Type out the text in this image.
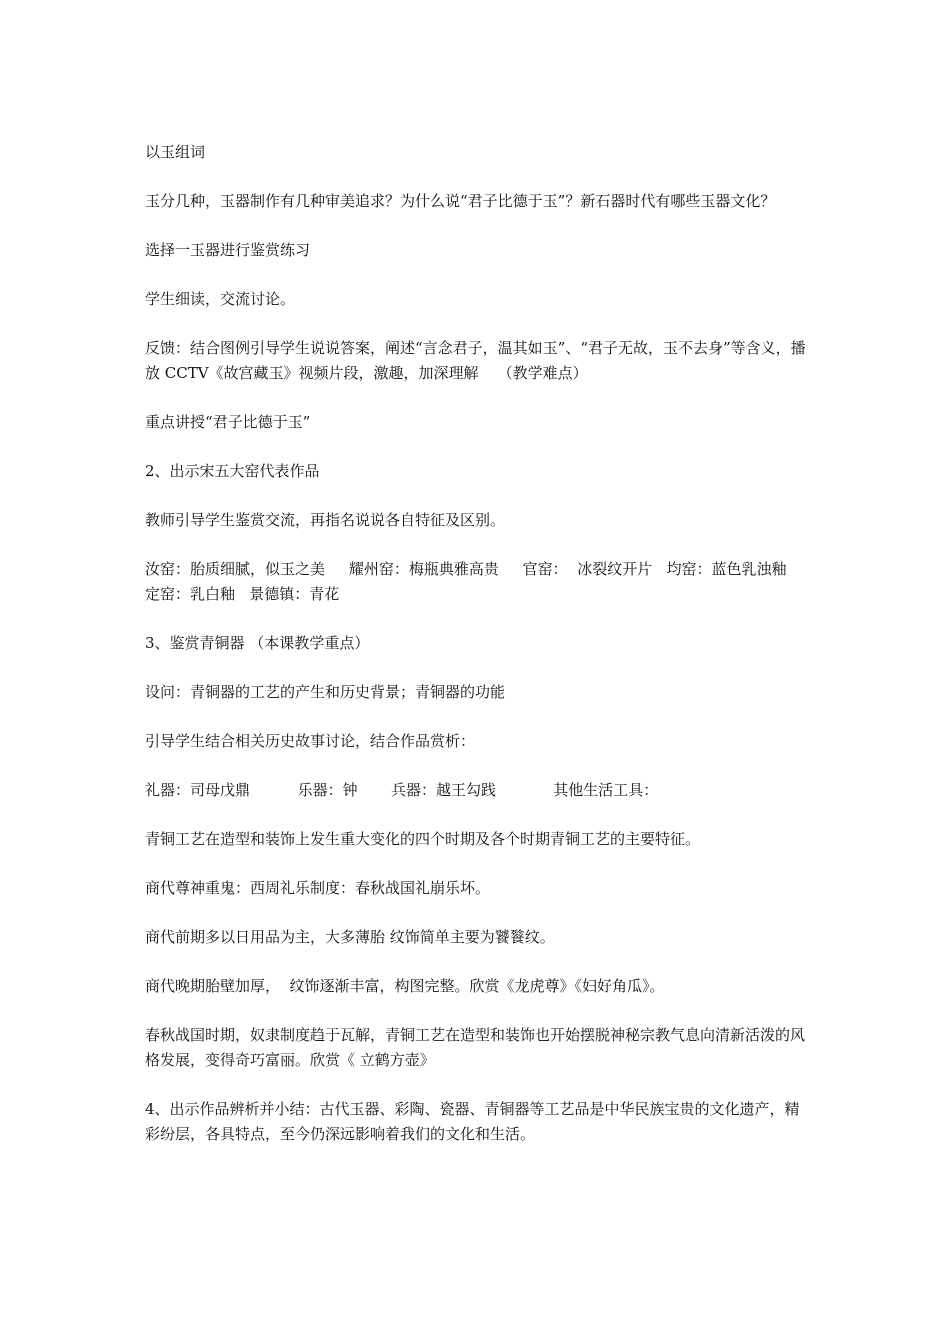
以玉组词

玉分几种，玉器制作有几种审美追求？为什么说“君子比德于玉”？新石器时代有哪些玉器文化？

选择一玉器进行鉴赏练习

学生细读，交流讨论。

反馈：结合图例引导学生说说答案，阐述“言念君子，温其如玉”、“君子无故，玉不去身”等含义，播放 CCTV《故宫藏玉》视频片段，激趣，加深理解    （教学难点）

重点讲授“君子比德于玉”

2、出示宋五大窑代表作品

教师引导学生鉴赏交流，再指名说说各自特征及区别。

汝窑：胎质细腻，似玉之美     耀州窑：梅瓶典雅高贵     官窑：  冰裂纹开片   均窑：蓝色乳浊釉     定窑：乳白釉   景德镇：青花

3、鉴赏青铜器 （本课教学重点）

设问：青铜器的工艺的产生和历史背景；青铜器的功能

引导学生结合相关历史故事讨论，结合作品赏析：

礼器：司母戊鼎          乐器：钟       兵器：越王勾践            其他生活工具：

青铜工艺在造型和装饰上发生重大变化的四个时期及各个时期青铜工艺的主要特征。

商代尊神重鬼：西周礼乐制度：春秋战国礼崩乐坏。

商代前期多以日用品为主，大多薄胎 纹饰简单主要为饕餮纹。

商代晚期胎壁加厚，  纹饰逐渐丰富，构图完整。欣赏《龙虎尊》《妇好角瓜》。

春秋战国时期，奴隶制度趋于瓦解，青铜工艺在造型和装饰也开始摆脱神秘宗教气息向清新活泼的风格发展，变得奇巧富丽。欣赏《 立鹤方壶》

4、出示作品辨析并小结：古代玉器、彩陶、瓷器、青铜器等工艺品是中华民族宝贵的文化遗产，精彩纷层，各具特点，至今仍深远影响着我们的文化和生活。
